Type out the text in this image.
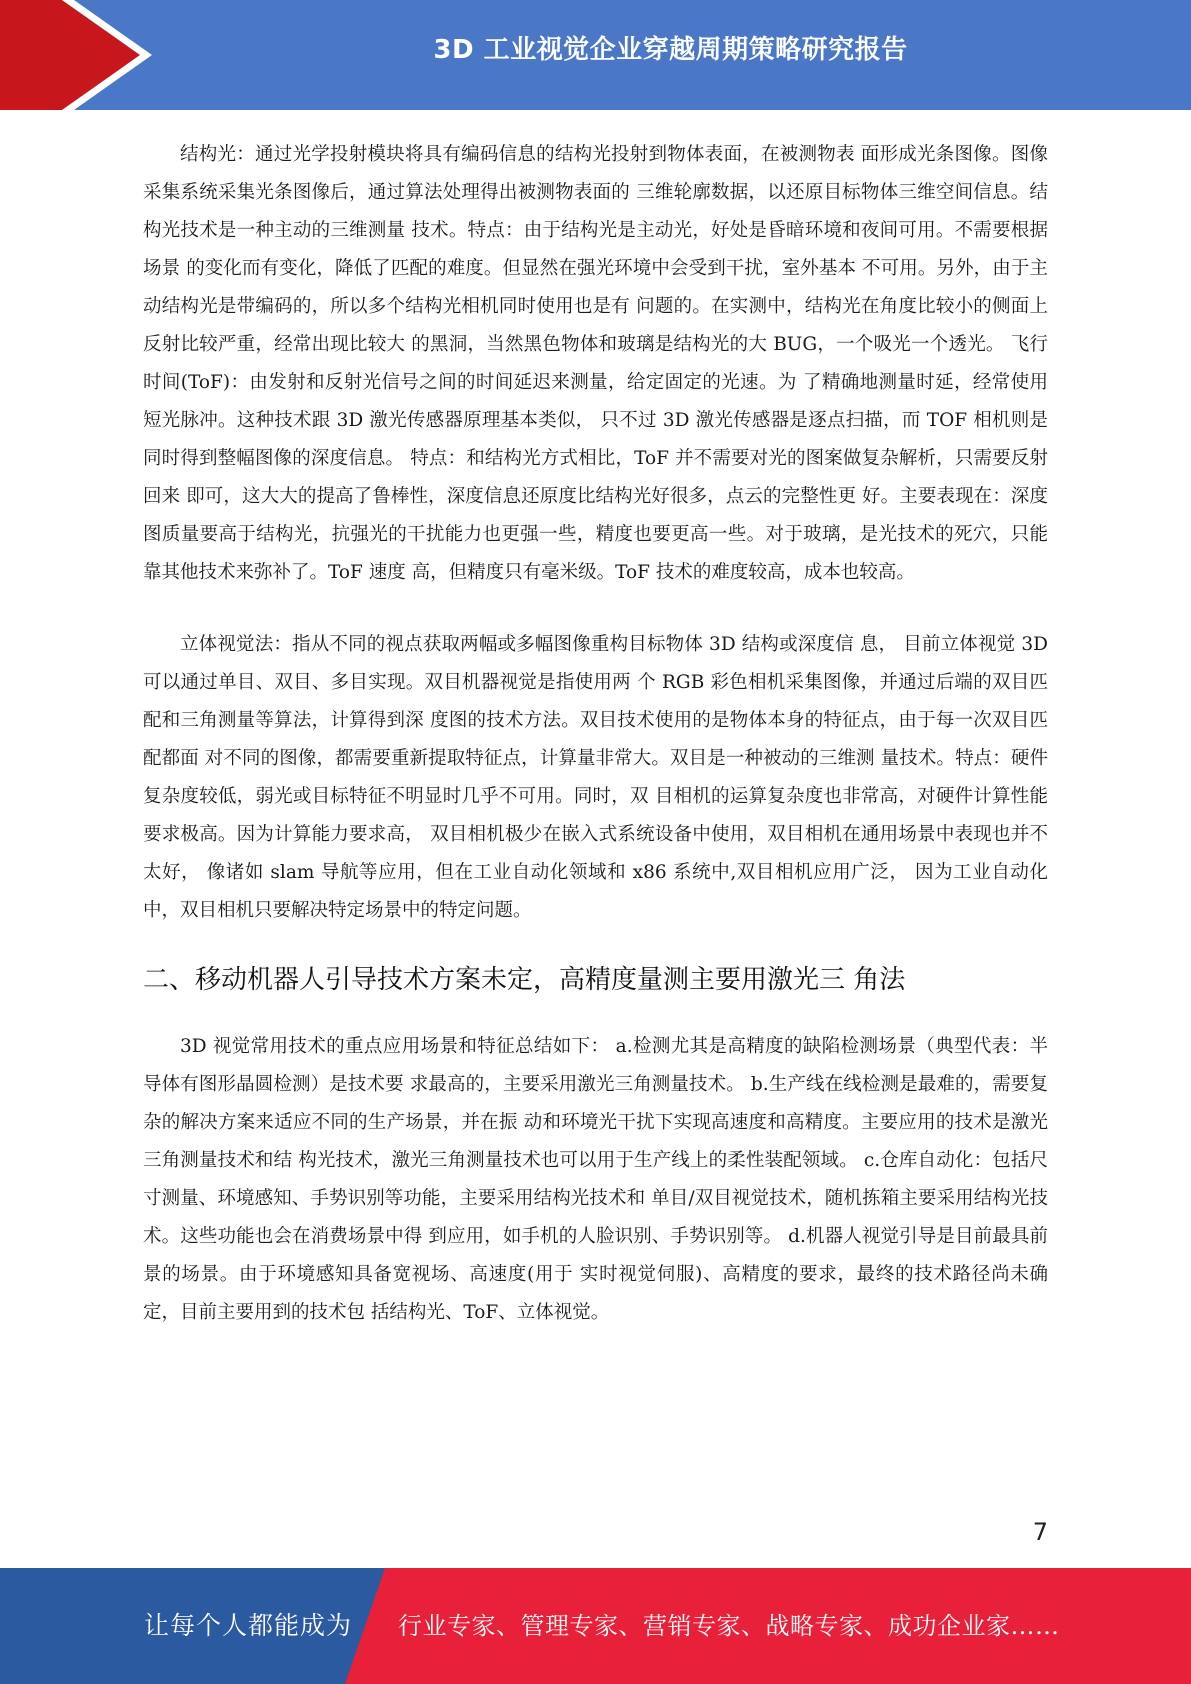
3D 工业视觉企业穿越周期策略研究报告

结构光：通过光学投射模块将具有编码信息的结构光投射到物体表面，在被测物表 面形成光条图像。图像采集系统采集光条图像后，通过算法处理得出被测物表面的 三维轮廓数据，以还原目标物体三维空间信息。结构光技术是一种主动的三维测量 技术。特点：由于结构光是主动光，好处是昏暗环境和夜间可用。不需要根据场景 的变化而有变化，降低了匹配的难度。但显然在强光环境中会受到干扰，室外基本 不可用。另外，由于主动结构光是带编码的，所以多个结构光相机同时使用也是有 问题的。在实测中，结构光在角度比较小的侧面上反射比较严重，经常出现比较大 的黑洞，当然黑色物体和玻璃是结构光的大 BUG，一个吸光一个透光。 飞行时间(ToF)：由发射和反射光信号之间的时间延迟来测量，给定固定的光速。为 了精确地测量时延，经常使用短光脉冲。这种技术跟 3D 激光传感器原理基本类似， 只不过 3D 激光传感器是逐点扫描，而 TOF 相机则是同时得到整幅图像的深度信息。 特点：和结构光方式相比，ToF 并不需要对光的图案做复杂解析，只需要反射回来 即可，这大大的提高了鲁棒性，深度信息还原度比结构光好很多，点云的完整性更 好。主要表现在：深度图质量要高于结构光，抗强光的干扰能力也更强一些，精度也要更高一些。对于玻璃，是光技术的死穴，只能靠其他技术来弥补了。ToF 速度 高，但精度只有毫米级。ToF 技术的难度较高，成本也较高。

立体视觉法：指从不同的视点获取两幅或多幅图像重构目标物体 3D 结构或深度信 息， 目前立体视觉 3D 可以通过单目、双目、多目实现。双目机器视觉是指使用两 个 RGB 彩色相机采集图像，并通过后端的双目匹配和三角测量等算法，计算得到深 度图的技术方法。双目技术使用的是物体本身的特征点，由于每一次双目匹配都面 对不同的图像，都需要重新提取特征点，计算量非常大。双目是一种被动的三维测 量技术。特点：硬件复杂度较低，弱光或目标特征不明显时几乎不可用。同时，双 目相机的运算复杂度也非常高，对硬件计算性能要求极高。因为计算能力要求高， 双目相机极少在嵌入式系统设备中使用，双目相机在通用场景中表现也并不太好， 像诸如 slam 导航等应用，但在工业自动化领域和 x86 系统中,双目相机应用广泛， 因为工业自动化中，双目相机只要解决特定场景中的特定问题。

二、移动机器人引导技术方案未定，高精度量测主要用激光三 角法

3D 视觉常用技术的重点应用场景和特征总结如下： a.检测尤其是高精度的缺陷检测场景（典型代表：半导体有图形晶圆检测）是技术要 求最高的，主要采用激光三角测量技术。 b.生产线在线检测是最难的，需要复杂的解决方案来适应不同的生产场景，并在振 动和环境光干扰下实现高速度和高精度。主要应用的技术是激光三角测量技术和结 构光技术，激光三角测量技术也可以用于生产线上的柔性装配领域。 c.仓库自动化：包括尺寸测量、环境感知、手势识别等功能，主要采用结构光技术和 单目/双目视觉技术，随机拣箱主要采用结构光技术。这些功能也会在消费场景中得 到应用，如手机的人脸识别、手势识别等。 d.机器人视觉引导是目前最具前景的场景。由于环境感知具备宽视场、高速度(用于 实时视觉伺服)、高精度的要求，最终的技术路径尚未确定，目前主要用到的技术包 括结构光、ToF、立体视觉。

7
让每个人都能成为 行业专家、管理专家、营销专家、战略专家、成功企业家……
